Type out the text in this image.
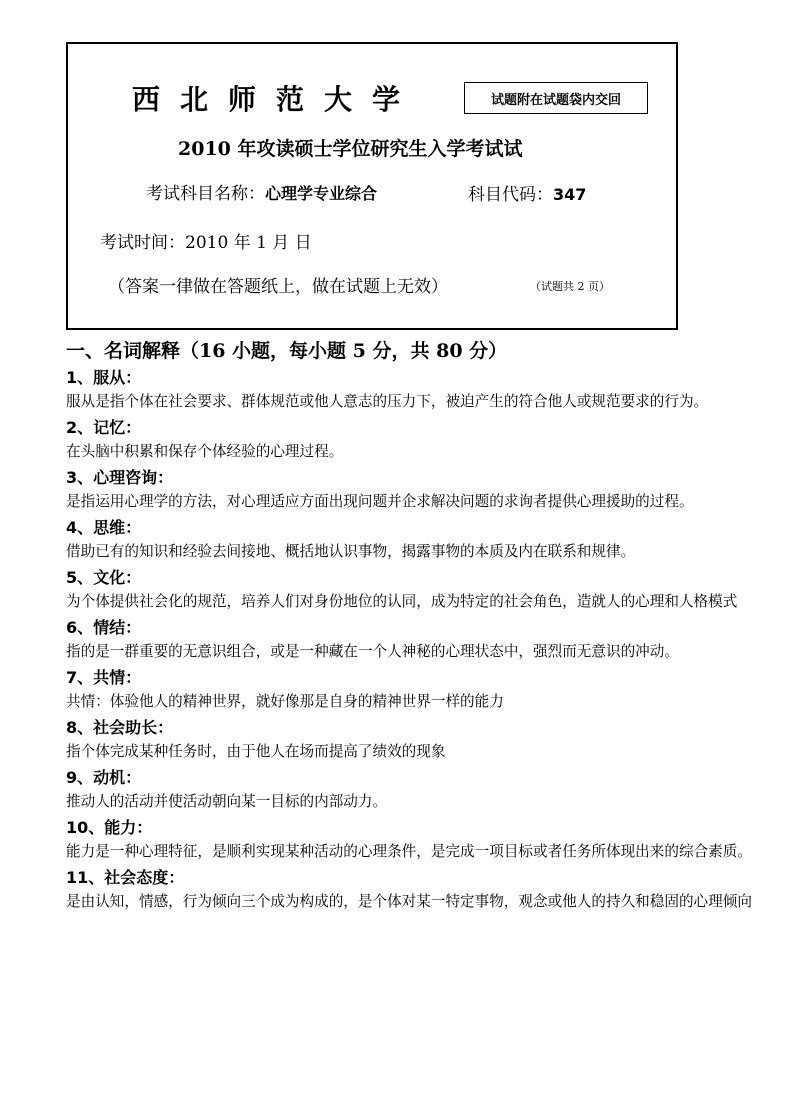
西北师范大学	试题附在试题袋内交回
2010 年攻读硕士学位研究生入学考试试
考试科目名称：心理学专业综合	科目代码：347
考试时间：2010 年 1 月 日
（答案一律做在答题纸上，做在试题上无效）	（试题共 2 页）
一、名词解释（16 小题，每小题 5 分，共 80 分）
1、服从：
服从是指个体在社会要求、群体规范或他人意志的压力下，被迫产生的符合他人或规范要求的行为。
2、记忆：
在头脑中积累和保存个体经验的心理过程。
3、心理咨询：
是指运用心理学的方法，对心理适应方面出现问题并企求解决问题的求询者提供心理援助的过程。
4、思维：
借助已有的知识和经验去间接地、概括地认识事物，揭露事物的本质及内在联系和规律。
5、文化：
为个体提供社会化的规范，培养人们对身份地位的认同，成为特定的社会角色，造就人的心理和人格模式
6、情结：
指的是一群重要的无意识组合，或是一种藏在一个人神秘的心理状态中，强烈而无意识的冲动。
7、共情：
共情：体验他人的精神世界，就好像那是自身的精神世界一样的能力
8、社会助长：
指个体完成某种任务时，由于他人在场而提高了绩效的现象
9、动机：
推动人的活动并使活动朝向某一目标的内部动力。
10、能力：
能力是一种心理特征，是顺利实现某种活动的心理条件，是完成一项目标或者任务所体现出来的综合素质。
11、社会态度：
是由认知，情感，行为倾向三个成为构成的，是个体对某一特定事物，观念或他人的持久和稳固的心理倾向
